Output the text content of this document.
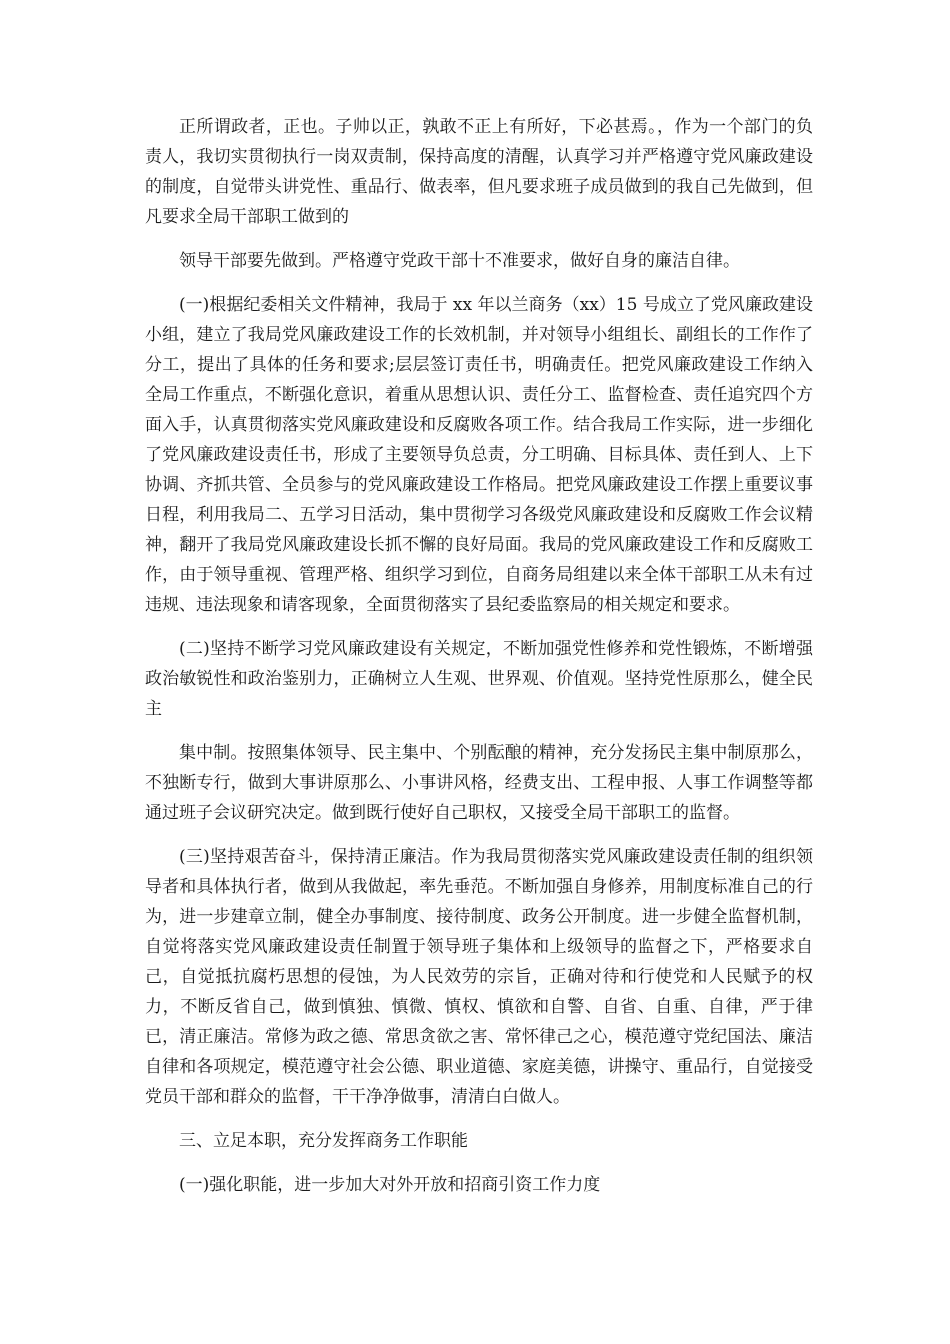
正所谓政者，正也。子帅以正，孰敢不正上有所好，下必甚焉。，作为一个部门的负责人，我切实贯彻执行一岗双责制，保持高度的清醒，认真学习并严格遵守党风廉政建设的制度，自觉带头讲党性、重品行、做表率，但凡要求班子成员做到的我自己先做到，但凡要求全局干部职工做到的

领导干部要先做到。严格遵守党政干部十不准要求，做好自身的廉洁自律。

(一)根据纪委相关文件精神，我局于 xx 年以兰商务（xx）15 号成立了党风廉政建设小组，建立了我局党风廉政建设工作的长效机制，并对领导小组组长、副组长的工作作了分工，提出了具体的任务和要求;层层签订责任书，明确责任。把党风廉政建设工作纳入全局工作重点，不断强化意识，着重从思想认识、责任分工、监督检查、责任追究四个方面入手，认真贯彻落实党风廉政建设和反腐败各项工作。结合我局工作实际，进一步细化了党风廉政建设责任书，形成了主要领导负总责，分工明确、目标具体、责任到人、上下协调、齐抓共管、全员参与的党风廉政建设工作格局。把党风廉政建设工作摆上重要议事日程，利用我局二、五学习日活动，集中贯彻学习各级党风廉政建设和反腐败工作会议精神，翻开了我局党风廉政建设长抓不懈的良好局面。我局的党风廉政建设工作和反腐败工作，由于领导重视、管理严格、组织学习到位，自商务局组建以来全体干部职工从未有过违规、违法现象和请客现象，全面贯彻落实了县纪委监察局的相关规定和要求。

(二)坚持不断学习党风廉政建设有关规定，不断加强党性修养和党性锻炼，不断增强政治敏锐性和政治鉴别力，正确树立人生观、世界观、价值观。坚持党性原那么，健全民主

集中制。按照集体领导、民主集中、个别酝酿的精神，充分发扬民主集中制原那么，不独断专行，做到大事讲原那么、小事讲风格，经费支出、工程申报、人事工作调整等都通过班子会议研究决定。做到既行使好自己职权，又接受全局干部职工的监督。

(三)坚持艰苦奋斗，保持清正廉洁。作为我局贯彻落实党风廉政建设责任制的组织领导者和具体执行者，做到从我做起，率先垂范。不断加强自身修养，用制度标准自己的行为，进一步建章立制，健全办事制度、接待制度、政务公开制度。进一步健全监督机制，自觉将落实党风廉政建设责任制置于领导班子集体和上级领导的监督之下，严格要求自己，自觉抵抗腐朽思想的侵蚀，为人民效劳的宗旨，正确对待和行使党和人民赋予的权力，不断反省自己，做到慎独、慎微、慎权、慎欲和自警、自省、自重、自律，严于律已，清正廉洁。常修为政之德、常思贪欲之害、常怀律己之心，模范遵守党纪国法、廉洁自律和各项规定，模范遵守社会公德、职业道德、家庭美德，讲操守、重品行，自觉接受党员干部和群众的监督，干干净净做事，清清白白做人。

三、立足本职，充分发挥商务工作职能

(一)强化职能，进一步加大对外开放和招商引资工作力度
